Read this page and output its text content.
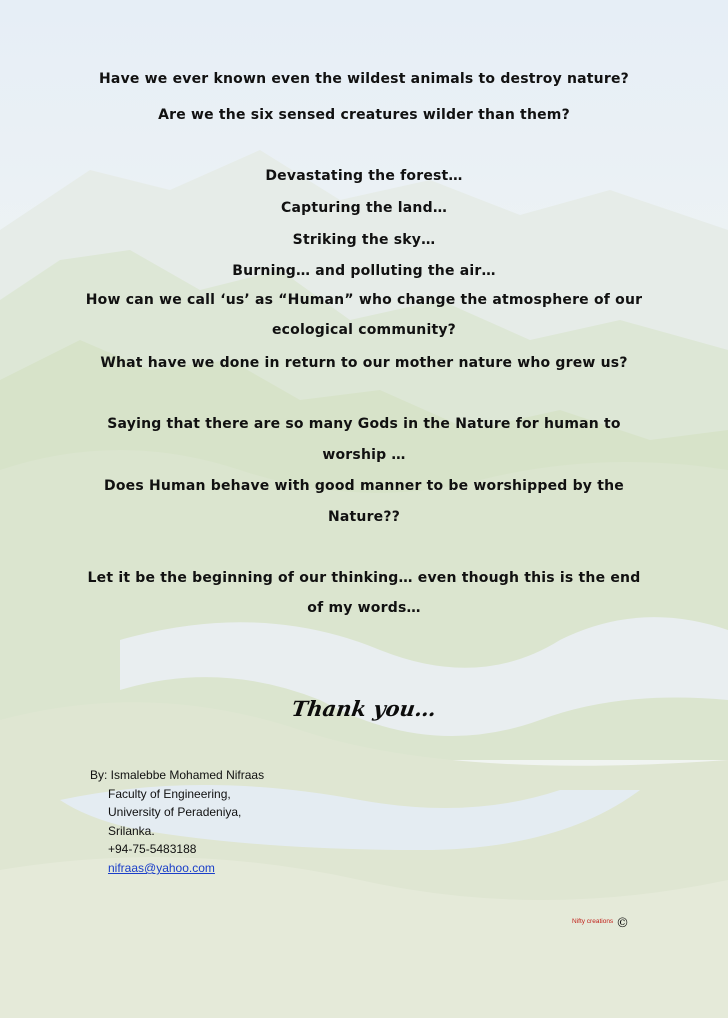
Have we ever known even the wildest animals to destroy nature?
Are we the six sensed creatures wilder than them?
Devastating the forest…
Capturing the land…
Striking the sky…
Burning… and polluting the air…
How can we call ‘us’ as “Human” who change the atmosphere of our
ecological community?
What have we done in return to our mother nature who grew us?
Saying that there are so many Gods in the Nature for human to
worship …
Does Human behave with good manner to be worshipped by the
Nature??
Let it be the beginning of our thinking… even though this is the end
of my words…
Thank you…
By: Ismalebbe Mohamed Nifraas
Faculty of Engineering,
University of Peradeniya,
Srilanka.
+94-75-5483188
nifraas@yahoo.com
Nifty creations ©
